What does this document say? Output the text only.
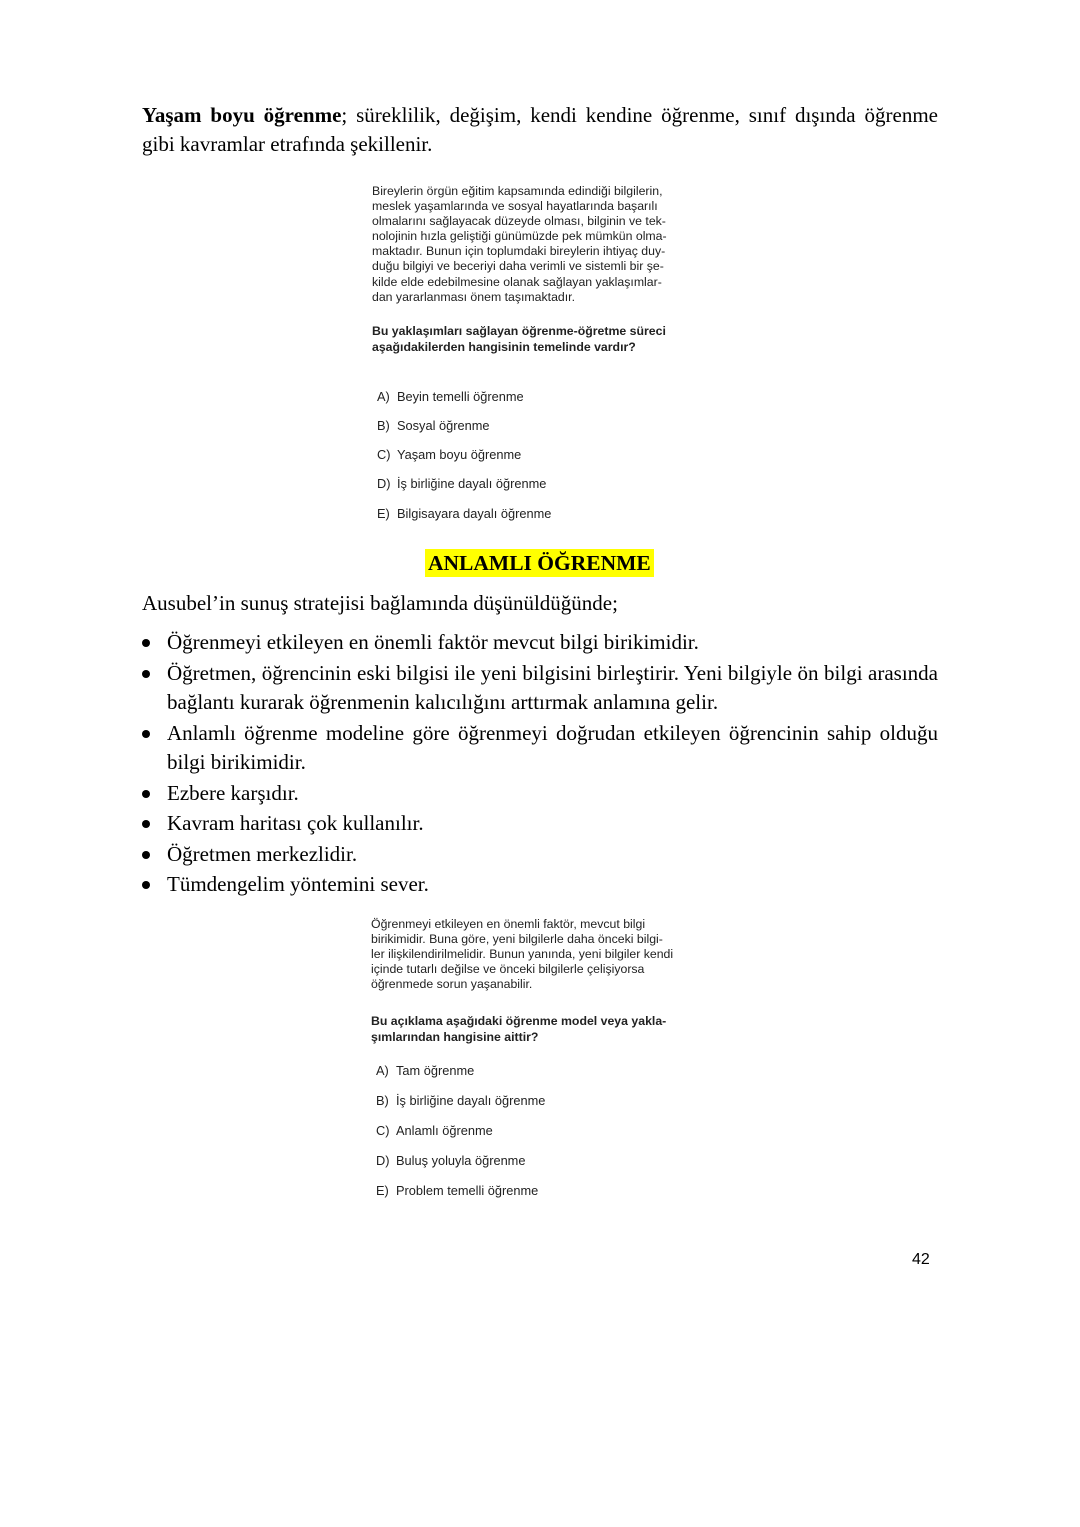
Yaşam boyu öğrenme; süreklilik, değişim, kendi kendine öğrenme, sınıf dışında öğrenme gibi kavramlar etrafında şekillenir.

Bireylerin örgün eğitim kapsamında edindiği bilgilerin,
meslek yaşamlarında ve sosyal hayatlarında başarılı
olmalarını sağlayacak düzeyde olması, bilginin ve tek-
nolojinin hızla geliştiği günümüzde pek mümkün olma-
maktadır. Bunun için toplumdaki bireylerin ihtiyaç duy-
duğu bilgiyi ve beceriyi daha verimli ve sistemli bir şe-
kilde elde edebilmesine olanak sağlayan yaklaşımlar-
dan yararlanması önem taşımaktadır.

Bu yaklaşımları sağlayan öğrenme-öğretme süreci
aşağıdakilerden hangisinin temelinde vardır?

A) Beyin temelli öğrenme
B) Sosyal öğrenme
C) Yaşam boyu öğrenme
D) İş birliğine dayalı öğrenme
E) Bilgisayara dayalı öğrenme
ANLAMLI ÖĞRENME

Ausubel’in sunuş stratejisi bağlamında düşünüldüğünde;

Öğrenmeyi etkileyen en önemli faktör mevcut bilgi birikimidir.
Öğretmen, öğrencinin eski bilgisi ile yeni bilgisini birleştirir. Yeni bilgiyle ön bilgi arasında bağlantı kurarak öğrenmenin kalıcılığını arttırmak anlamına gelir.
Anlamlı öğrenme modeline göre öğrenmeyi doğrudan etkileyen öğrencinin sahip olduğu bilgi birikimidir.
Ezbere karşıdır.
Kavram haritası çok kullanılır.
Öğretmen merkezlidir.
Tümdengelim yöntemini sever.

Öğrenmeyi etkileyen en önemli faktör, mevcut bilgi
birikimidir. Buna göre, yeni bilgilerle daha önceki bilgi-
ler ilişkilendirilmelidir. Bunun yanında, yeni bilgiler kendi
içinde tutarlı değilse ve önceki bilgilerle çelişiyorsa
öğrenmede sorun yaşanabilir.

Bu açıklama aşağıdaki öğrenme model veya yakla-
şımlarından hangisine aittir?

A) Tam öğrenme
B) İş birliğine dayalı öğrenme
C) Anlamlı öğrenme
D) Buluş yoluyla öğrenme
E) Problem temelli öğrenme
42
